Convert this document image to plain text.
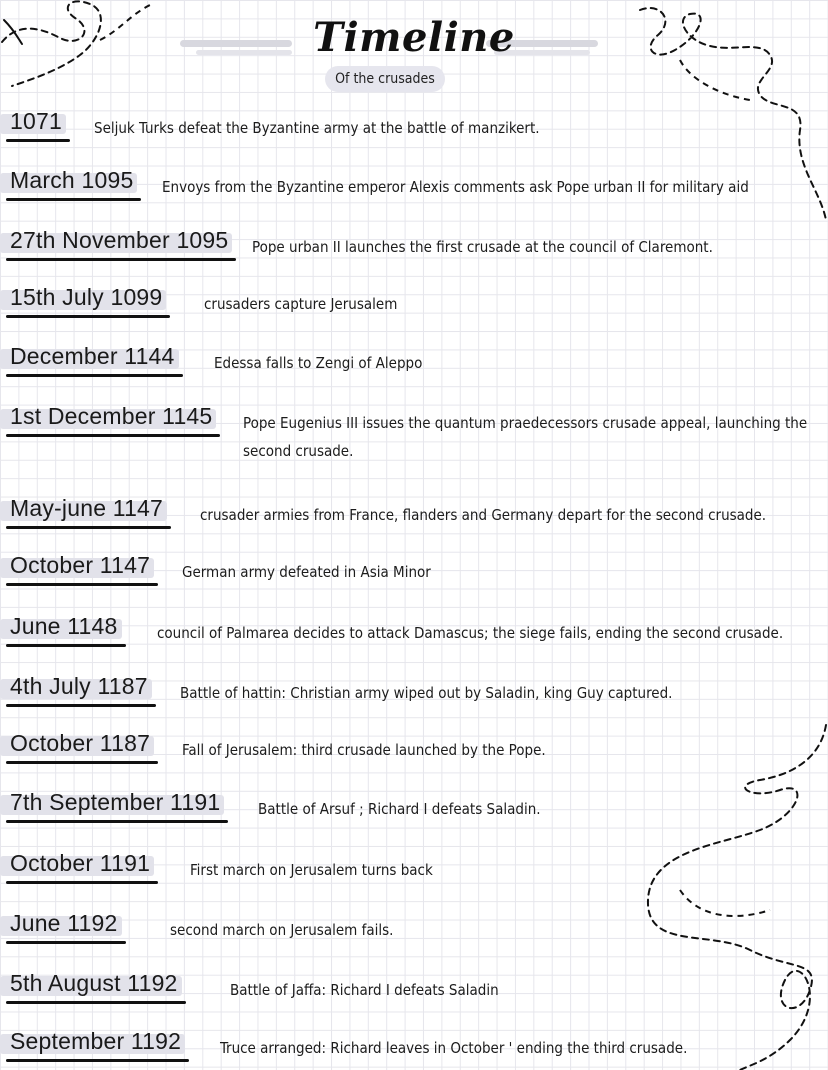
Timeline
Of the crusades
1071 Seljuk Turks defeat the Byzantine army at the battle of manzikert.
March 1095 Envoys from the Byzantine emperor Alexis comments ask Pope urban II for military aid
27th November 1095 Pope urban II launches the first crusade at the council of Claremont.
15th July 1099	crusaders capture Jerusalem
December 1144	Edessa falls to Zengi of Aleppo
1st December 1145 Pope Eugenius III issues the quantum praedecessors crusade appeal, launching the second crusade.
May-june 1147 crusader armies from France, flanders and Germany depart for the second crusade.
October 1147 German army defeated in Asia Minor
June 1148	council of Palmarea decides to attack Damascus; the siege fails, ending the second crusade.
4th July 1187 Battle of hattin: Christian army wiped out by Saladin, king Guy captured.
October 1187 Fall of Jerusalem: third crusade launched by the Pope.
7th September 1191	Battle of Arsuf ; Richard I defeats Saladin.
October 1191	First march on Jerusalem turns back
June 1192	second march on Jerusalem fails.
5th August 1192	Battle of Jaffa: Richard I defeats Saladin
September 1192	Truce arranged: Richard leaves in October ' ending the third crusade.
